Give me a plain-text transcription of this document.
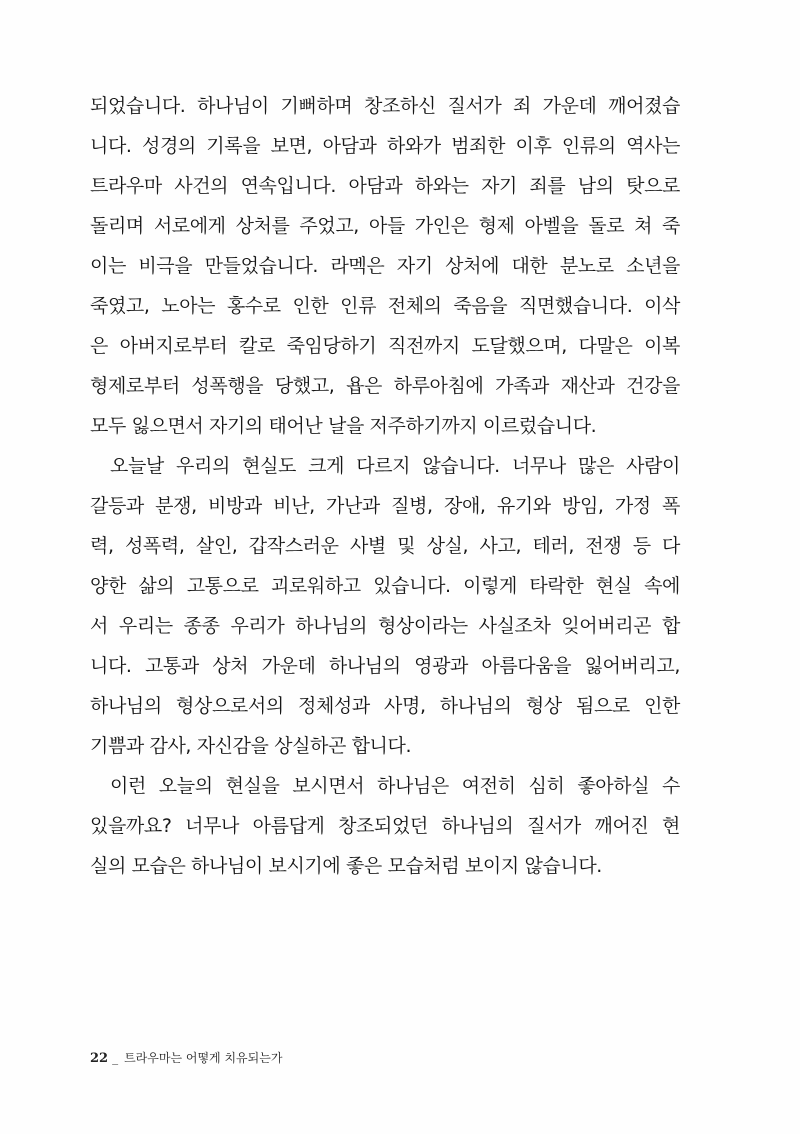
되었습니다. 하나님이 기뻐하며 창조하신 질서가 죄 가운데 깨어졌습
니다. 성경의 기록을 보면, 아담과 하와가 범죄한 이후 인류의 역사는
트라우마 사건의 연속입니다. 아담과 하와는 자기 죄를 남의 탓으로
돌리며 서로에게 상처를 주었고, 아들 가인은 형제 아벨을 돌로 쳐 죽
이는 비극을 만들었습니다. 라멕은 자기 상처에 대한 분노로 소년을
죽였고, 노아는 홍수로 인한 인류 전체의 죽음을 직면했습니다. 이삭
은 아버지로부터 칼로 죽임당하기 직전까지 도달했으며, 다말은 이복
형제로부터 성폭행을 당했고, 욥은 하루아침에 가족과 재산과 건강을
모두 잃으면서 자기의 태어난 날을 저주하기까지 이르렀습니다.
오늘날 우리의 현실도 크게 다르지 않습니다. 너무나 많은 사람이
갈등과 분쟁, 비방과 비난, 가난과 질병, 장애, 유기와 방임, 가정 폭
력, 성폭력, 살인, 갑작스러운 사별 및 상실, 사고, 테러, 전쟁 등 다
양한 삶의 고통으로 괴로워하고 있습니다. 이렇게 타락한 현실 속에
서 우리는 종종 우리가 하나님의 형상이라는 사실조차 잊어버리곤 합
니다. 고통과 상처 가운데 하나님의 영광과 아름다움을 잃어버리고,
하나님의 형상으로서의 정체성과 사명, 하나님의 형상 됨으로 인한
기쁨과 감사, 자신감을 상실하곤 합니다.
이런 오늘의 현실을 보시면서 하나님은 여전히 심히 좋아하실 수
있을까요? 너무나 아름답게 창조되었던 하나님의 질서가 깨어진 현
실의 모습은 하나님이 보시기에 좋은 모습처럼 보이지 않습니다.
22 _ 트라우마는 어떻게 치유되는가
